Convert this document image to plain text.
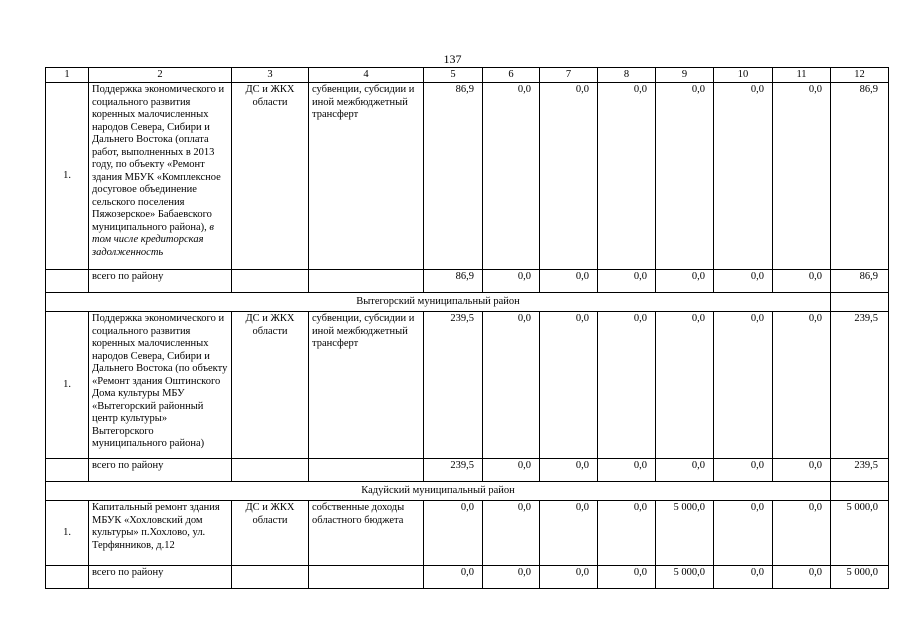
137
1	2	3	4	5	6	7	8	9	10	11	12
1.	Поддержка экономического и социального развития коренных малочисленных народов Севера, Сибири и Дальнего Востока (оплата работ, выполненных в 2013 году, по объекту «Ремонт здания МБУК «Комплексное досуговое объединение сельского поселения Пяжозерское» Бабаевского муниципального района), в том числе кредиторская задолженность	ДС и ЖКХ области	субвенции, субсидии и иной межбюджетный трансферт	86,9	0,0	0,0	0,0	0,0	0,0	0,0	86,9
	всего по району			86,9	0,0	0,0	0,0	0,0	0,0	0,0	86,9
Вытегорский муниципальный район											
1.	Поддержка экономического и социального развития коренных малочисленных народов Севера, Сибири и Дальнего Востока (по объекту «Ремонт здания Оштинского Дома культуры МБУ «Вытегорский районный центр культуры» Вытегорского муниципального района)	ДС и ЖКХ области	субвенции, субсидии и иной межбюджетный трансферт	239,5	0,0	0,0	0,0	0,0	0,0	0,0	239,5
	всего по району			239,5	0,0	0,0	0,0	0,0	0,0	0,0	239,5
Кадуйский муниципальный район											
1.	Капитальный ремонт здания МБУК «Хохловский дом культуры» п.Хохлово, ул. Терфянников, д.12	ДС и ЖКХ области	собственные доходы областного бюджета	0,0	0,0	0,0	0,0	5 000,0	0,0	0,0	5 000,0
	всего по району			0,0	0,0	0,0	0,0	5 000,0	0,0	0,0	5 000,0
